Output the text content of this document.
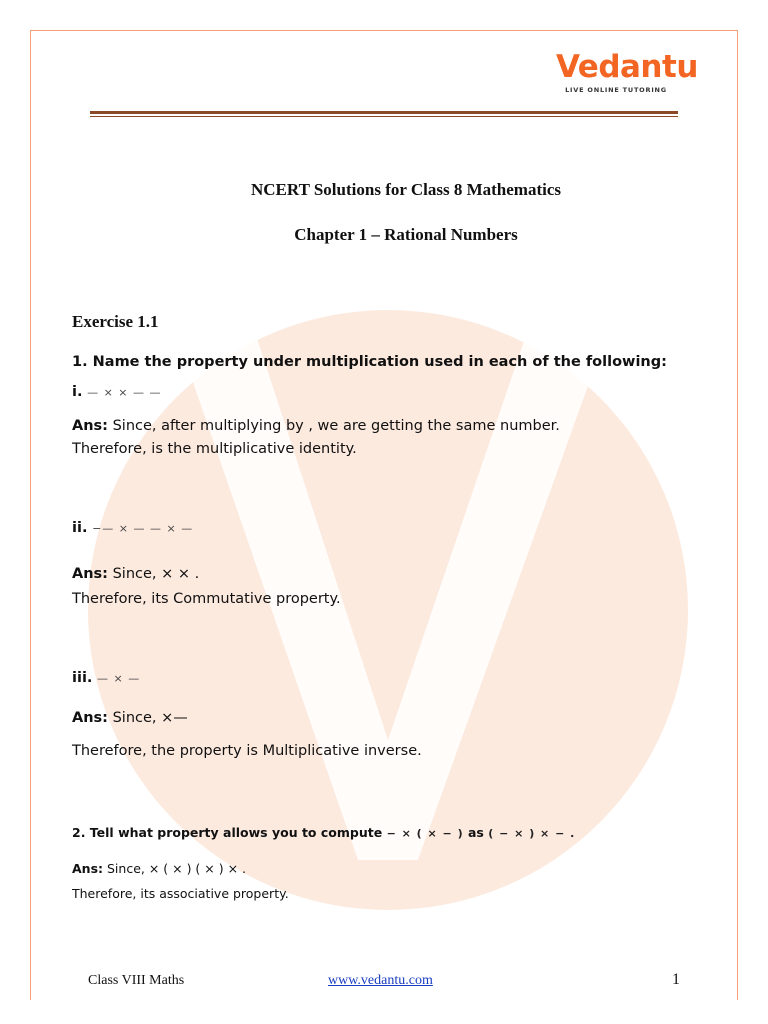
Vedantu
LIVE ONLINE TUTORING
NCERT Solutions for Class 8 Mathematics
Chapter 1 – Rational Numbers
Exercise 1.1
1. Name the property under multiplication used in each of the following:
i. — × × — —
Ans: Since, after multiplying by , we are getting the same number.
Therefore, is the multiplicative identity.
ii. −— × — — × —
Ans: Since, × × .
Therefore, its Commutative property.
iii. — × —
Ans: Since, ×—
Therefore, the property is Multiplicative inverse.
2. Tell what property allows you to compute − × ( × − ) as ( − × ) × − .
Ans: Since, × ( × ) ( × ) × .
Therefore, its associative property.
Class VIII Maths	www.vedantu.com	1
